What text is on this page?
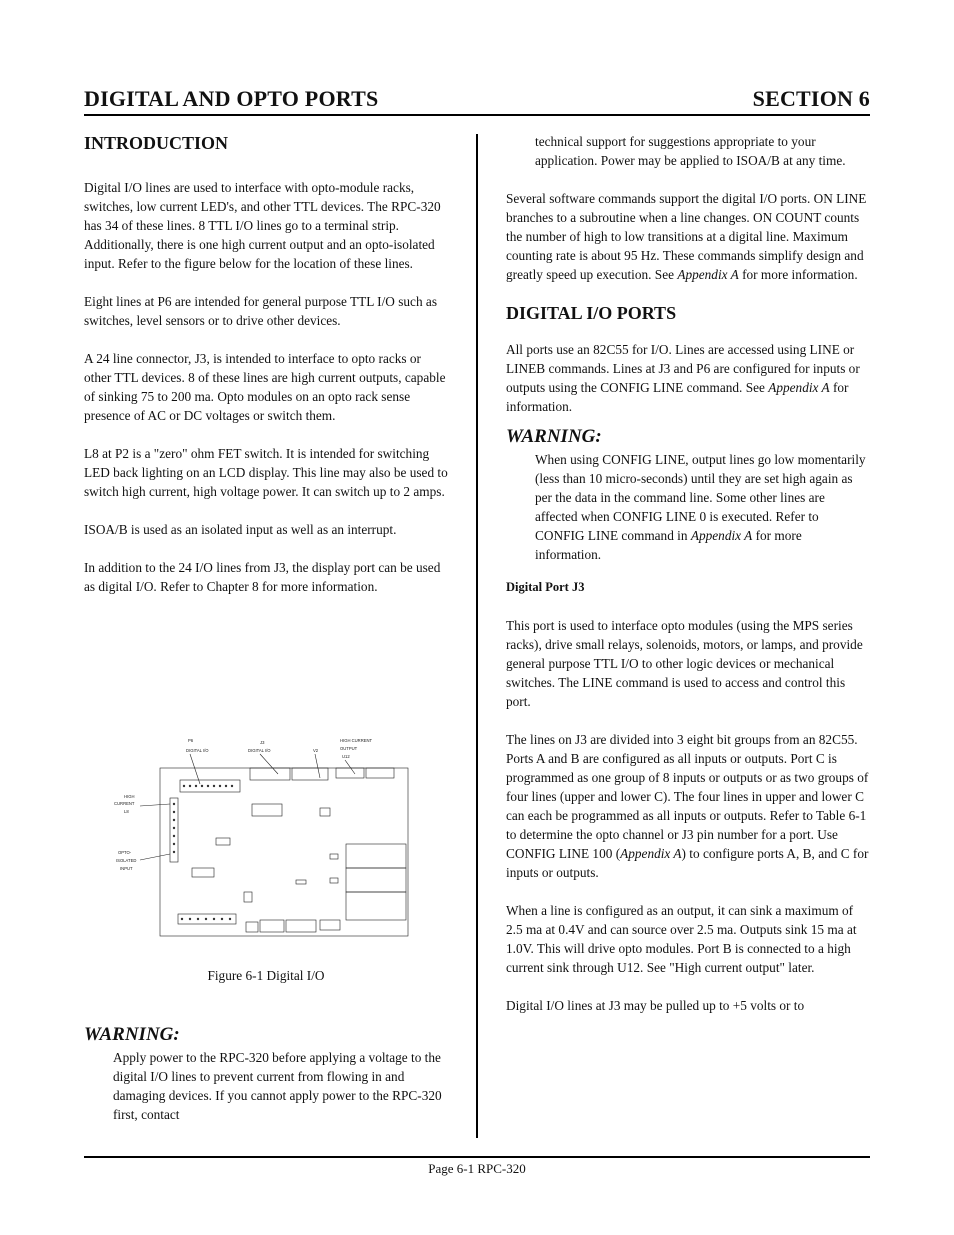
DIGITAL AND OPTO PORTS	SECTION 6
INTRODUCTION

Digital I/O lines are used to interface with opto-module racks, switches, low current LED's, and other TTL devices. The RPC-320 has 34 of these lines. 8 TTL I/O lines go to a terminal strip. Additionally, there is one high current output and an opto-isolated input. Refer to the figure below for the location of these lines.

Eight lines at P6 are intended for general purpose TTL I/O such as switches, level sensors or to drive other devices.

A 24 line connector, J3, is intended to interface to opto racks or other TTL devices. 8 of these lines are high current outputs, capable of sinking 75 to 200 ma. Opto modules on an opto rack sense presence of AC or DC voltages or switch them.

L8 at P2 is a "zero" ohm FET switch. It is intended for switching LED back lighting on an LCD display. This line may also be used to switch high current, high voltage power. It can switch up to 2 amps.

ISOA/B is used as an isolated input as well as an interrupt.

In addition to the 24 I/O lines from J3, the display port can be used as digital I/O. Refer to Chapter 8 for more information.

P6
DIGITAL I/O
J3
DIGITAL I/O	V2
HIGH CURRENT
OUTPUT
U12
HIGH
CURRENT
L8
OPTO-
ISOLATED
INPUT
Figure 6-1 Digital I/O

WARNING:

Apply power to the RPC-320 before applying a voltage to the digital I/O lines to prevent current from flowing in and damaging devices. If you cannot apply power to the RPC-320 first, contact

technical support for suggestions appropriate to your application. Power may be applied to ISOA/B at any time.

Several software commands support the digital I/O ports. ON LINE branches to a subroutine when a line changes. ON COUNT counts the number of high to low transitions at a digital line. Maximum counting rate is about 95 Hz. These commands simplify design and greatly speed up execution. See Appendix A for more information.

DIGITAL I/O PORTS

All ports use an 82C55 for I/O. Lines are accessed using LINE or LINEB commands. Lines at J3 and P6 are configured for inputs or outputs using the CONFIG LINE command. See Appendix A for information.

WARNING:

When using CONFIG LINE, output lines go low momentarily (less than 10 micro-seconds) until they are set high again as per the data in the command line. Some other lines are affected when CONFIG LINE 0 is executed. Refer to CONFIG LINE command in Appendix A for more information.

Digital Port J3

This port is used to interface opto modules (using the MPS series racks), drive small relays, solenoids, motors, or lamps, and provide general purpose TTL I/O to other logic devices or mechanical switches. The LINE command is used to access and control this port.

The lines on J3 are divided into 3 eight bit groups from an 82C55. Ports A and B are configured as all inputs or outputs. Port C is programmed as one group of 8 inputs or outputs or as two groups of four lines (upper and lower C). The four lines in upper and lower C can each be programmed as all inputs or outputs. Refer to Table 6-1 to determine the opto channel or J3 pin number for a port. Use CONFIG LINE 100 (Appendix A) to configure ports A, B, and C for inputs or outputs.

When a line is configured as an output, it can sink a maximum of 2.5 ma at 0.4V and can source over 2.5 ma. Outputs sink 15 ma at 1.0V. This will drive opto modules. Port B is connected to a high current sink through U12. See "High current output" later.

Digital I/O lines at J3 may be pulled up to +5 volts or to

Page 6-1 RPC-320
